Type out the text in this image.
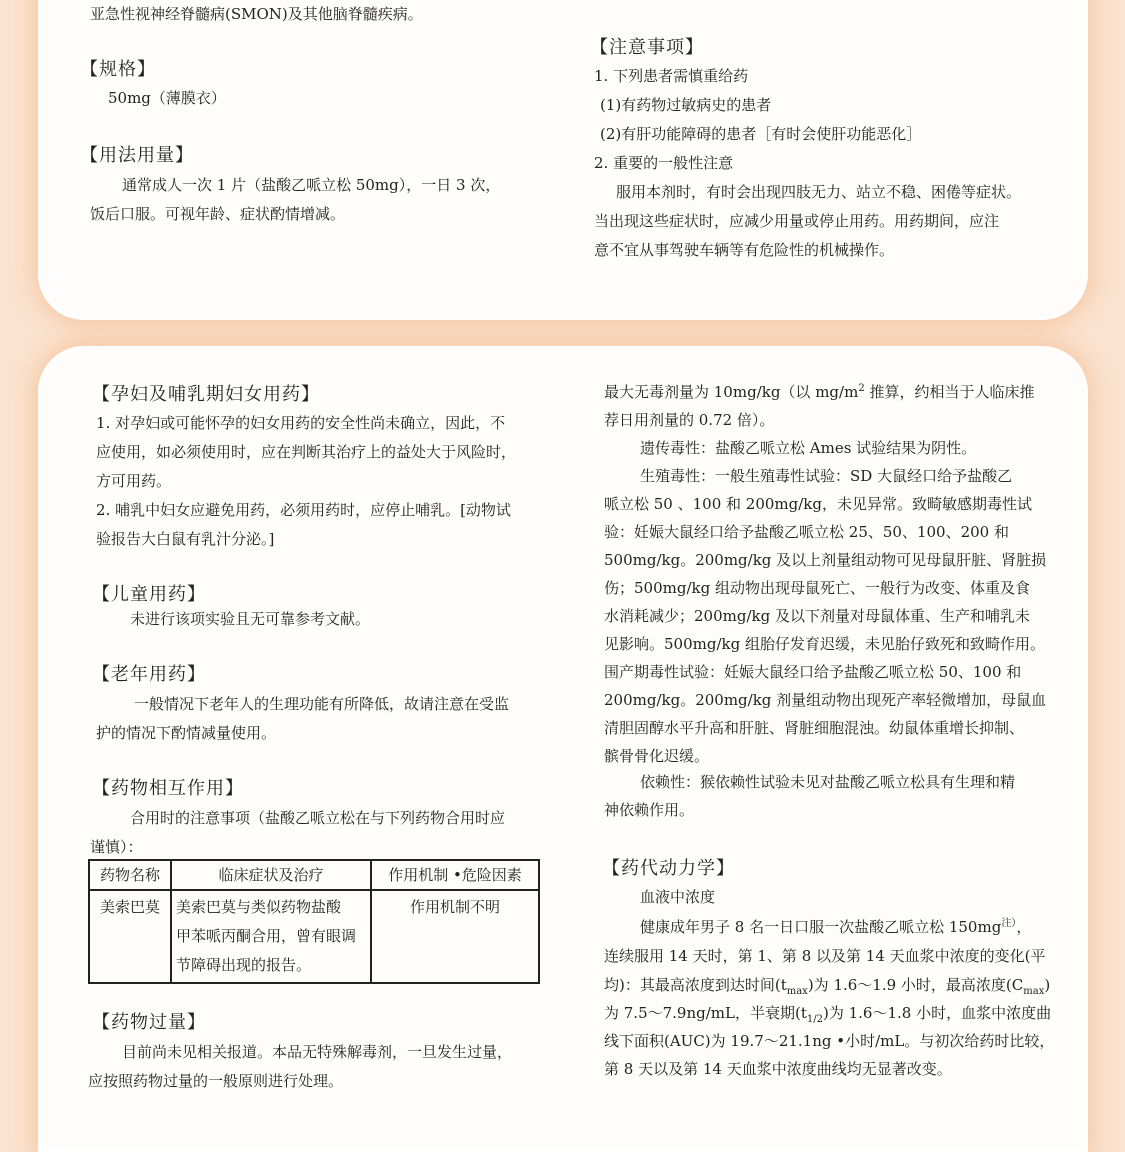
亚急性视神经脊髓病(SMON)及其他脑脊髓疾病。
【规格】
50mg（薄膜衣）
【用法用量】
通常成人一次 1 片（盐酸乙哌立松 50mg），一日 3 次，
饭后口服。可视年龄、症状酌情增减。
【注意事项】
1. 下列患者需慎重给药
(1)有药物过敏病史的患者
(2)有肝功能障碍的患者［有时会使肝功能恶化］
2. 重要的一般性注意
服用本剂时，有时会出现四肢无力、站立不稳、困倦等症状。
当出现这些症状时，应减少用量或停止用药。用药期间，应注
意不宜从事驾驶车辆等有危险性的机械操作。
【孕妇及哺乳期妇女用药】
1. 对孕妇或可能怀孕的妇女用药的安全性尚未确立，因此，不
应使用，如必须使用时，应在判断其治疗上的益处大于风险时，
方可用药。
2. 哺乳中妇女应避免用药，必须用药时，应停止哺乳。[动物试
验报告大白鼠有乳汁分泌。]
【儿童用药】
未进行该项实验且无可靠参考文献。
【老年用药】
一般情况下老年人的生理功能有所降低，故请注意在受监
护的情况下酌情减量使用。
【药物相互作用】
合用时的注意事项（盐酸乙哌立松在与下列药物合用时应
谨慎）：
药物名称	临床症状及治疗	作用机制 •危险因素
美索巴莫	美索巴莫与类似药物盐酸
甲苯哌丙酮合用，曾有眼调
节障碍出现的报告。	作用机制不明
【药物过量】
目前尚未见相关报道。本品无特殊解毒剂，一旦发生过量，
应按照药物过量的一般原则进行处理。
最大无毒剂量为 10mg/kg（以 $mg/m^2$ 推算，约相当于人临床推
荐日用剂量的 0.72 倍）。
遗传毒性：盐酸乙哌立松 Ames 试验结果为阴性。
生殖毒性：一般生殖毒性试验：SD 大鼠经口给予盐酸乙
哌立松 50 、100 和 200mg/kg，未见异常。致畸敏感期毒性试
验：妊娠大鼠经口给予盐酸乙哌立松 25、50、100、200 和
500mg/kg。200mg/kg 及以上剂量组动物可见母鼠肝脏、肾脏损
伤；500mg/kg 组动物出现母鼠死亡、一般行为改变、体重及食
水消耗减少；200mg/kg 及以下剂量对母鼠体重、生产和哺乳未
见影响。500mg/kg 组胎仔发育迟缓，未见胎仔致死和致畸作用。
围产期毒性试验：妊娠大鼠经口给予盐酸乙哌立松 50、100 和
200mg/kg。200mg/kg 剂量组动物出现死产率轻微增加，母鼠血
清胆固醇水平升高和肝脏、肾脏细胞混浊。幼鼠体重增长抑制、
髌骨骨化迟缓。
依赖性：猴依赖性试验未见对盐酸乙哌立松具有生理和精
神依赖作用。
【药代动力学】
血液中浓度
健康成年男子 8 名一日口服一次盐酸乙哌立松 $150mg^{注)}$，
连续服用 14 天时，第 1、第 8 以及第 14 天血浆中浓度的变化(平
均)：其最高浓度到达时间$(t_{max})$为 1.6～1.9 小时，最高浓度$(C_{max})$
为 7.5～7.9ng/mL，半衰期$(t_{1/2})$为 1.6～1.8 小时，血浆中浓度曲
线下面积(AUC)为 19.7～21.1ng •小时/mL。与初次给药时比较，
第 8 天以及第 14 天血浆中浓度曲线均无显著改变。
